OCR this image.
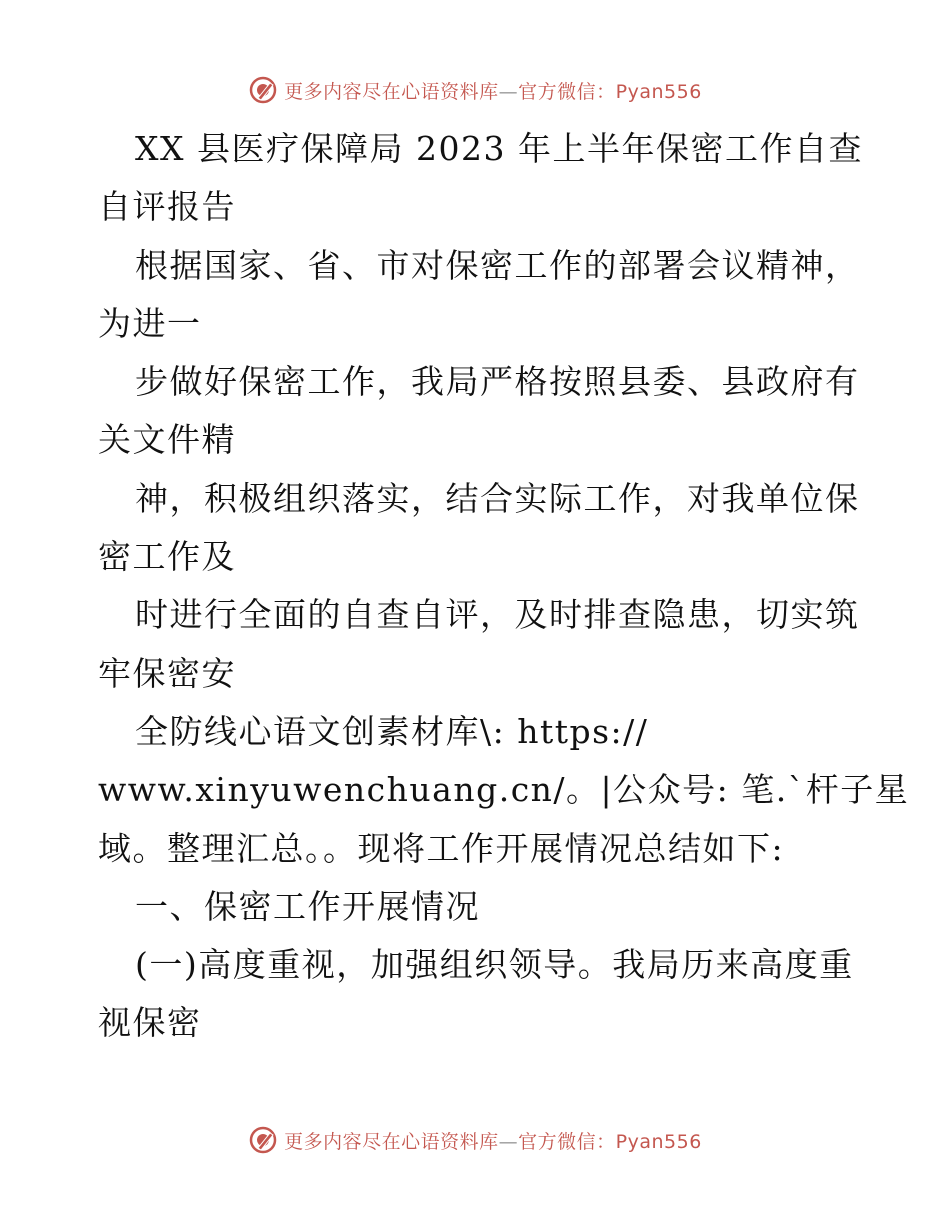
更多内容尽在心语资料库—官方微信：Pyan556
XX 县医疗保障局 2023 年上半年保密工作自查
自评报告
根据国家、省、市对保密工作的部署会议精神，
为进一
步做好保密工作，我局严格按照县委、县政府有
关文件精
神，积极组织落实，结合实际工作，对我单位保
密工作及
时进行全面的自查自评，及时排查隐患，切实筑
牢保密安
全防线心语文创素材库\: https://
www.xinyuwenchuang.cn/。|公众号: 笔.`杆子星
域。整理汇总。。现将工作开展情况总结如下:
一、保密工作开展情况
(一)高度重视，加强组织领导。我局历来高度重
视保密
更多内容尽在心语资料库—官方微信：Pyan556
